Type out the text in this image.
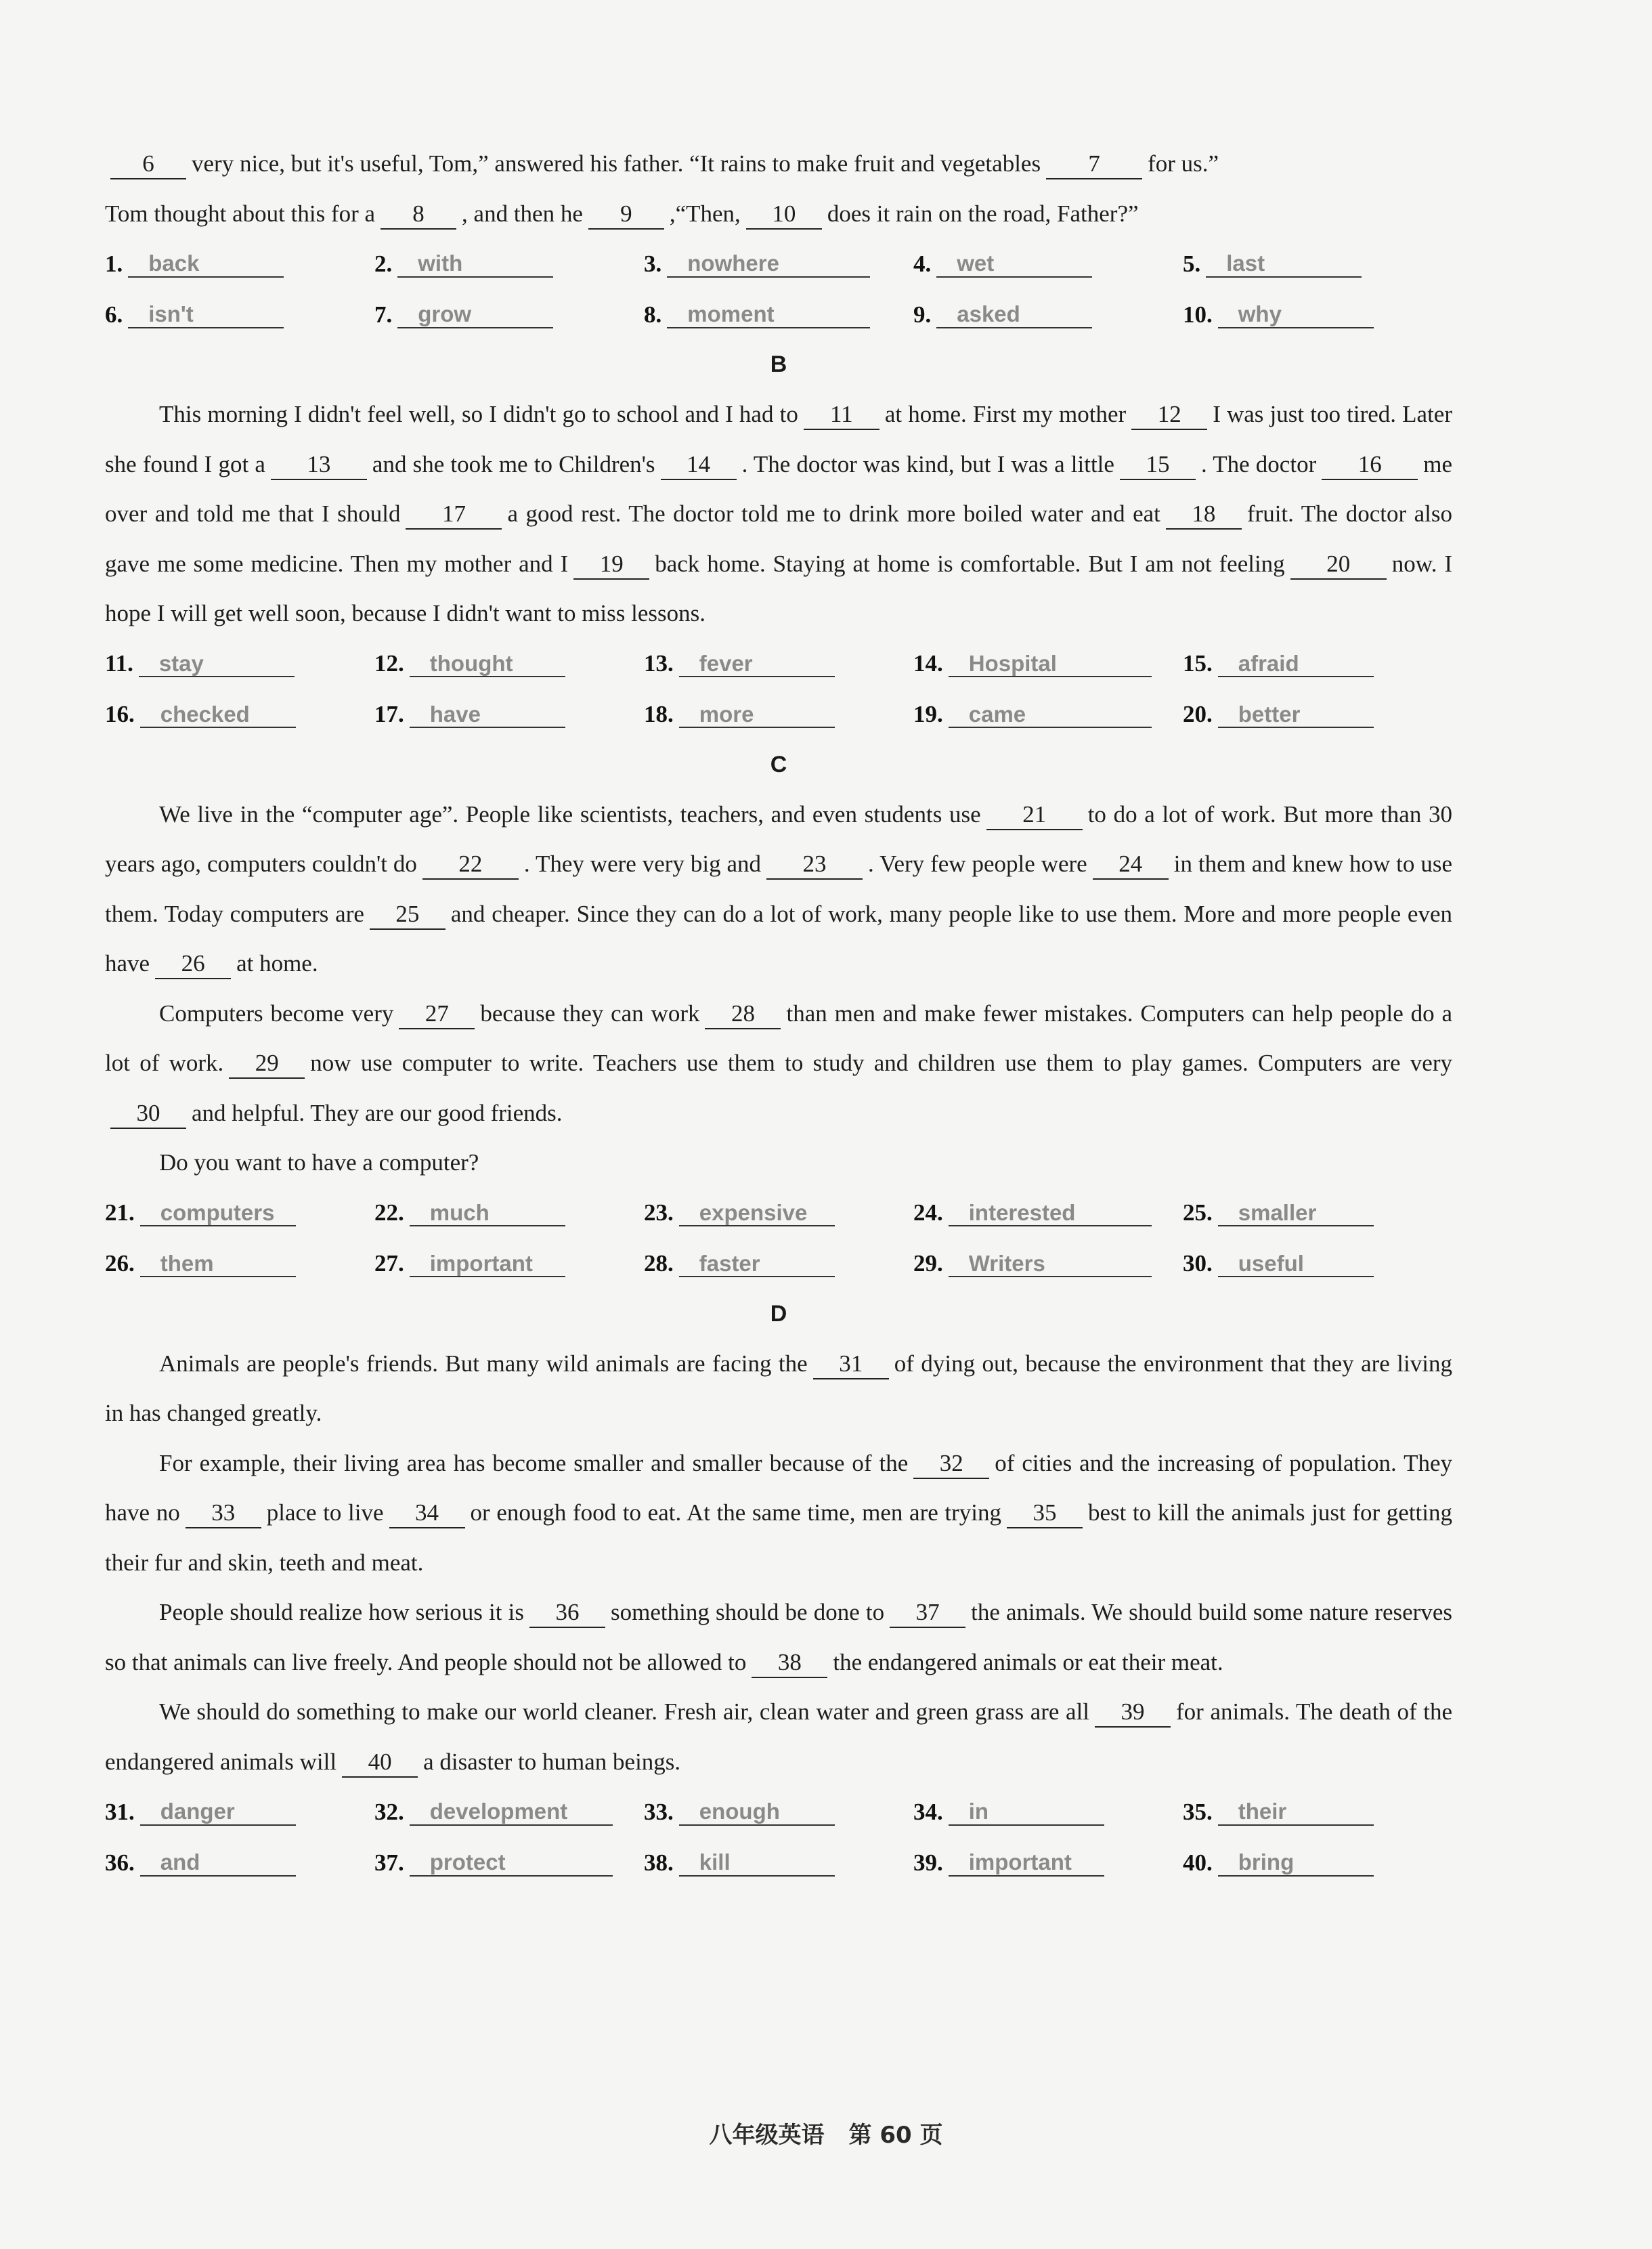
6 very nice, but it's useful, Tom,” answered his father. “It rains to make fruit and vegetables 7 for us.”

Tom thought about this for a 8 , and then he 9 ,“Then, 10 does it rain on the road, Father?”

1.	back	2.	with	3.	nowhere	4.	wet	5.	last
6.	isn't	7.	grow	8.	moment	9.	asked	10.	why
B

This morning I didn't feel well, so I didn't go to school and I had to 11 at home. First my mother 12 I was just too tired. Later she found I got a 13 and she took me to Children's 14 . The doctor was kind, but I was a little 15 . The doctor 16 me over and told me that I should 17 a good rest. The doctor told me to drink more boiled water and eat 18 fruit. The doctor also gave me some medicine. Then my mother and I 19 back home. Staying at home is comfortable. But I am not feeling 20 now. I hope I will get well soon, because I didn't want to miss lessons.

11.	stay	12.	thought	13.	fever	14.	Hospital	15.	afraid
16.	checked	17.	have	18.	more	19.	came	20.	better
C

We live in the “computer age”. People like scientists, teachers, and even students use 21 to do a lot of work. But more than 30 years ago, computers couldn't do 22 . They were very big and 23 . Very few people were 24 in them and knew how to use them. Today computers are 25 and cheaper. Since they can do a lot of work, many people like to use them. More and more people even have 26 at home.

Computers become very 27 because they can work 28 than men and make fewer mistakes. Computers can help people do a lot of work. 29 now use computer to write. Teachers use them to study and children use them to play games. Computers are very30 and helpful. They are our good friends.

Do you want to have a computer?

21.	computers	22.	much	23.	expensive	24.	interested	25.	smaller
26.	them	27.	important	28.	faster	29.	Writers	30.	useful
D

Animals are people's friends. But many wild animals are facing the 31 of dying out, because the environment that they are living in has changed greatly.

For example, their living area has become smaller and smaller because of the 32 of cities and the increasing of population. They have no 33 place to live 34 or enough food to eat. At the same time, men are trying 35 best to kill the animals just for getting their fur and skin, teeth and meat.

People should realize how serious it is 36 something should be done to 37 the animals. We should build some nature reserves so that animals can live freely. And people should not be allowed to 38 the endangered animals or eat their meat.

We should do something to make our world cleaner. Fresh air, clean water and green grass are all 39 for animals. The death of the endangered animals will 40 a disaster to human beings.

31.	danger	32.	development	33.	enough	34.	in	35.	their
36.	and	37.	protect	38.	kill	39.	important	40.	bring
八年级英语 第 60 页
